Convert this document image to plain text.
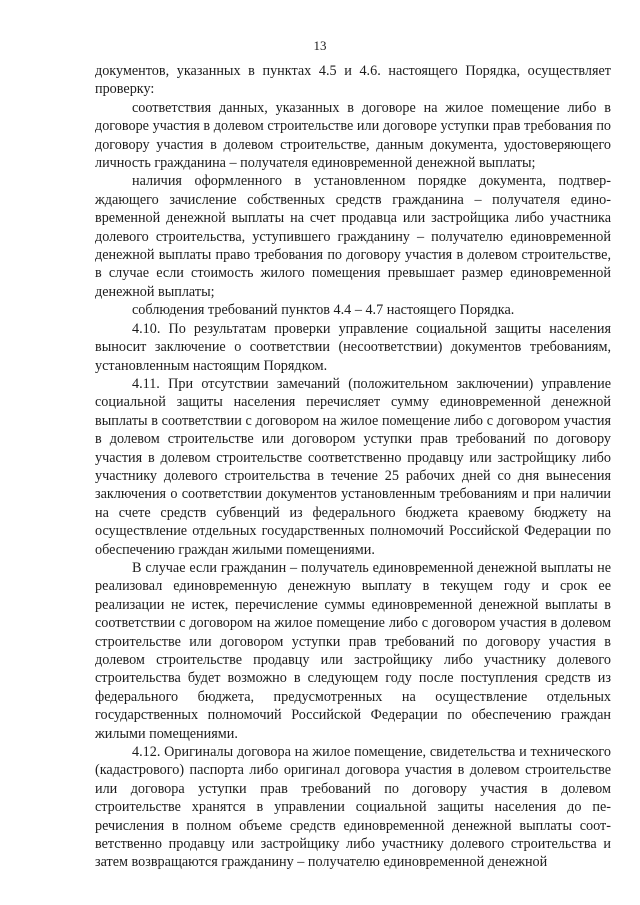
13

документов, указанных в пунктах 4.5 и 4.6. настоящего Порядка, осуществляет проверку:

соответствия данных, указанных в договоре на жилое помещение либо в договоре участия в долевом строительстве или договоре уступки прав требования по договору участия в долевом строительстве, данным документа, удостоверяющего личность гражданина – получателя единовременной денежной выплаты;

наличия оформленного в установленном порядке документа, подтверждающего зачисление собственных средств гражданина – получателя единовременной денежной выплаты на счет продавца или застройщика либо участника долевого строительства, уступившего гражданину – получателю единовременной денежной выплаты право требования по договору участия в долевом строительстве, в случае если стоимость жилого помещения превышает размер единовременной денежной выплаты;

соблюдения требований пунктов 4.4 – 4.7 настоящего Порядка.

4.10. По результатам проверки управление социальной защиты населения выносит заключение о соответствии (несоответствии) документов требованиям, установленным настоящим Порядком.

4.11. При отсутствии замечаний (положительном заключении) управление социальной защиты населения перечисляет сумму единовременной денежной выплаты в соответствии с договором на жилое помещение либо с договором участия в долевом строительстве или договором уступки прав требований по договору участия в долевом строительстве соответственно продавцу или застройщику либо участнику долевого строительства в течение 25 рабочих дней со дня вынесения заключения о соответствии документов установленным требованиям и при наличии на счете средств субвенций из федерального бюджета краевому бюджету на осуществление отдельных государственных полномочий Российской Федерации по обеспечению граждан жилыми помещениями.

В случае если гражданин – получатель единовременной денежной выплаты не реализовал единовременную денежную выплату в текущем году и срок ее реализации не истек, перечисление суммы единовременной денежной выплаты в соответствии с договором на жилое помещение либо с договором участия в долевом строительстве или договором уступки прав требований по договору участия в долевом строительстве продавцу или застройщику либо участнику долевого строительства будет возможно в следующем году после поступления средств из федерального бюджета, предусмотренных на осуществление отдельных государственных полномочий Российской Федерации по обеспечению граждан жилыми помещениями.

4.12. Оригиналы договора на жилое помещение, свидетельства и технического (кадастрового) паспорта либо оригинал договора участия в долевом строительстве или договора уступки прав требований по договору участия в долевом строительстве хранятся в управлении социальной защиты населения до перечисления в полном объеме средств единовременной денежной выплаты соответственно продавцу или застройщику либо участнику долевого строительства и затем возвращаются гражданину – получателю единовременной денежной
